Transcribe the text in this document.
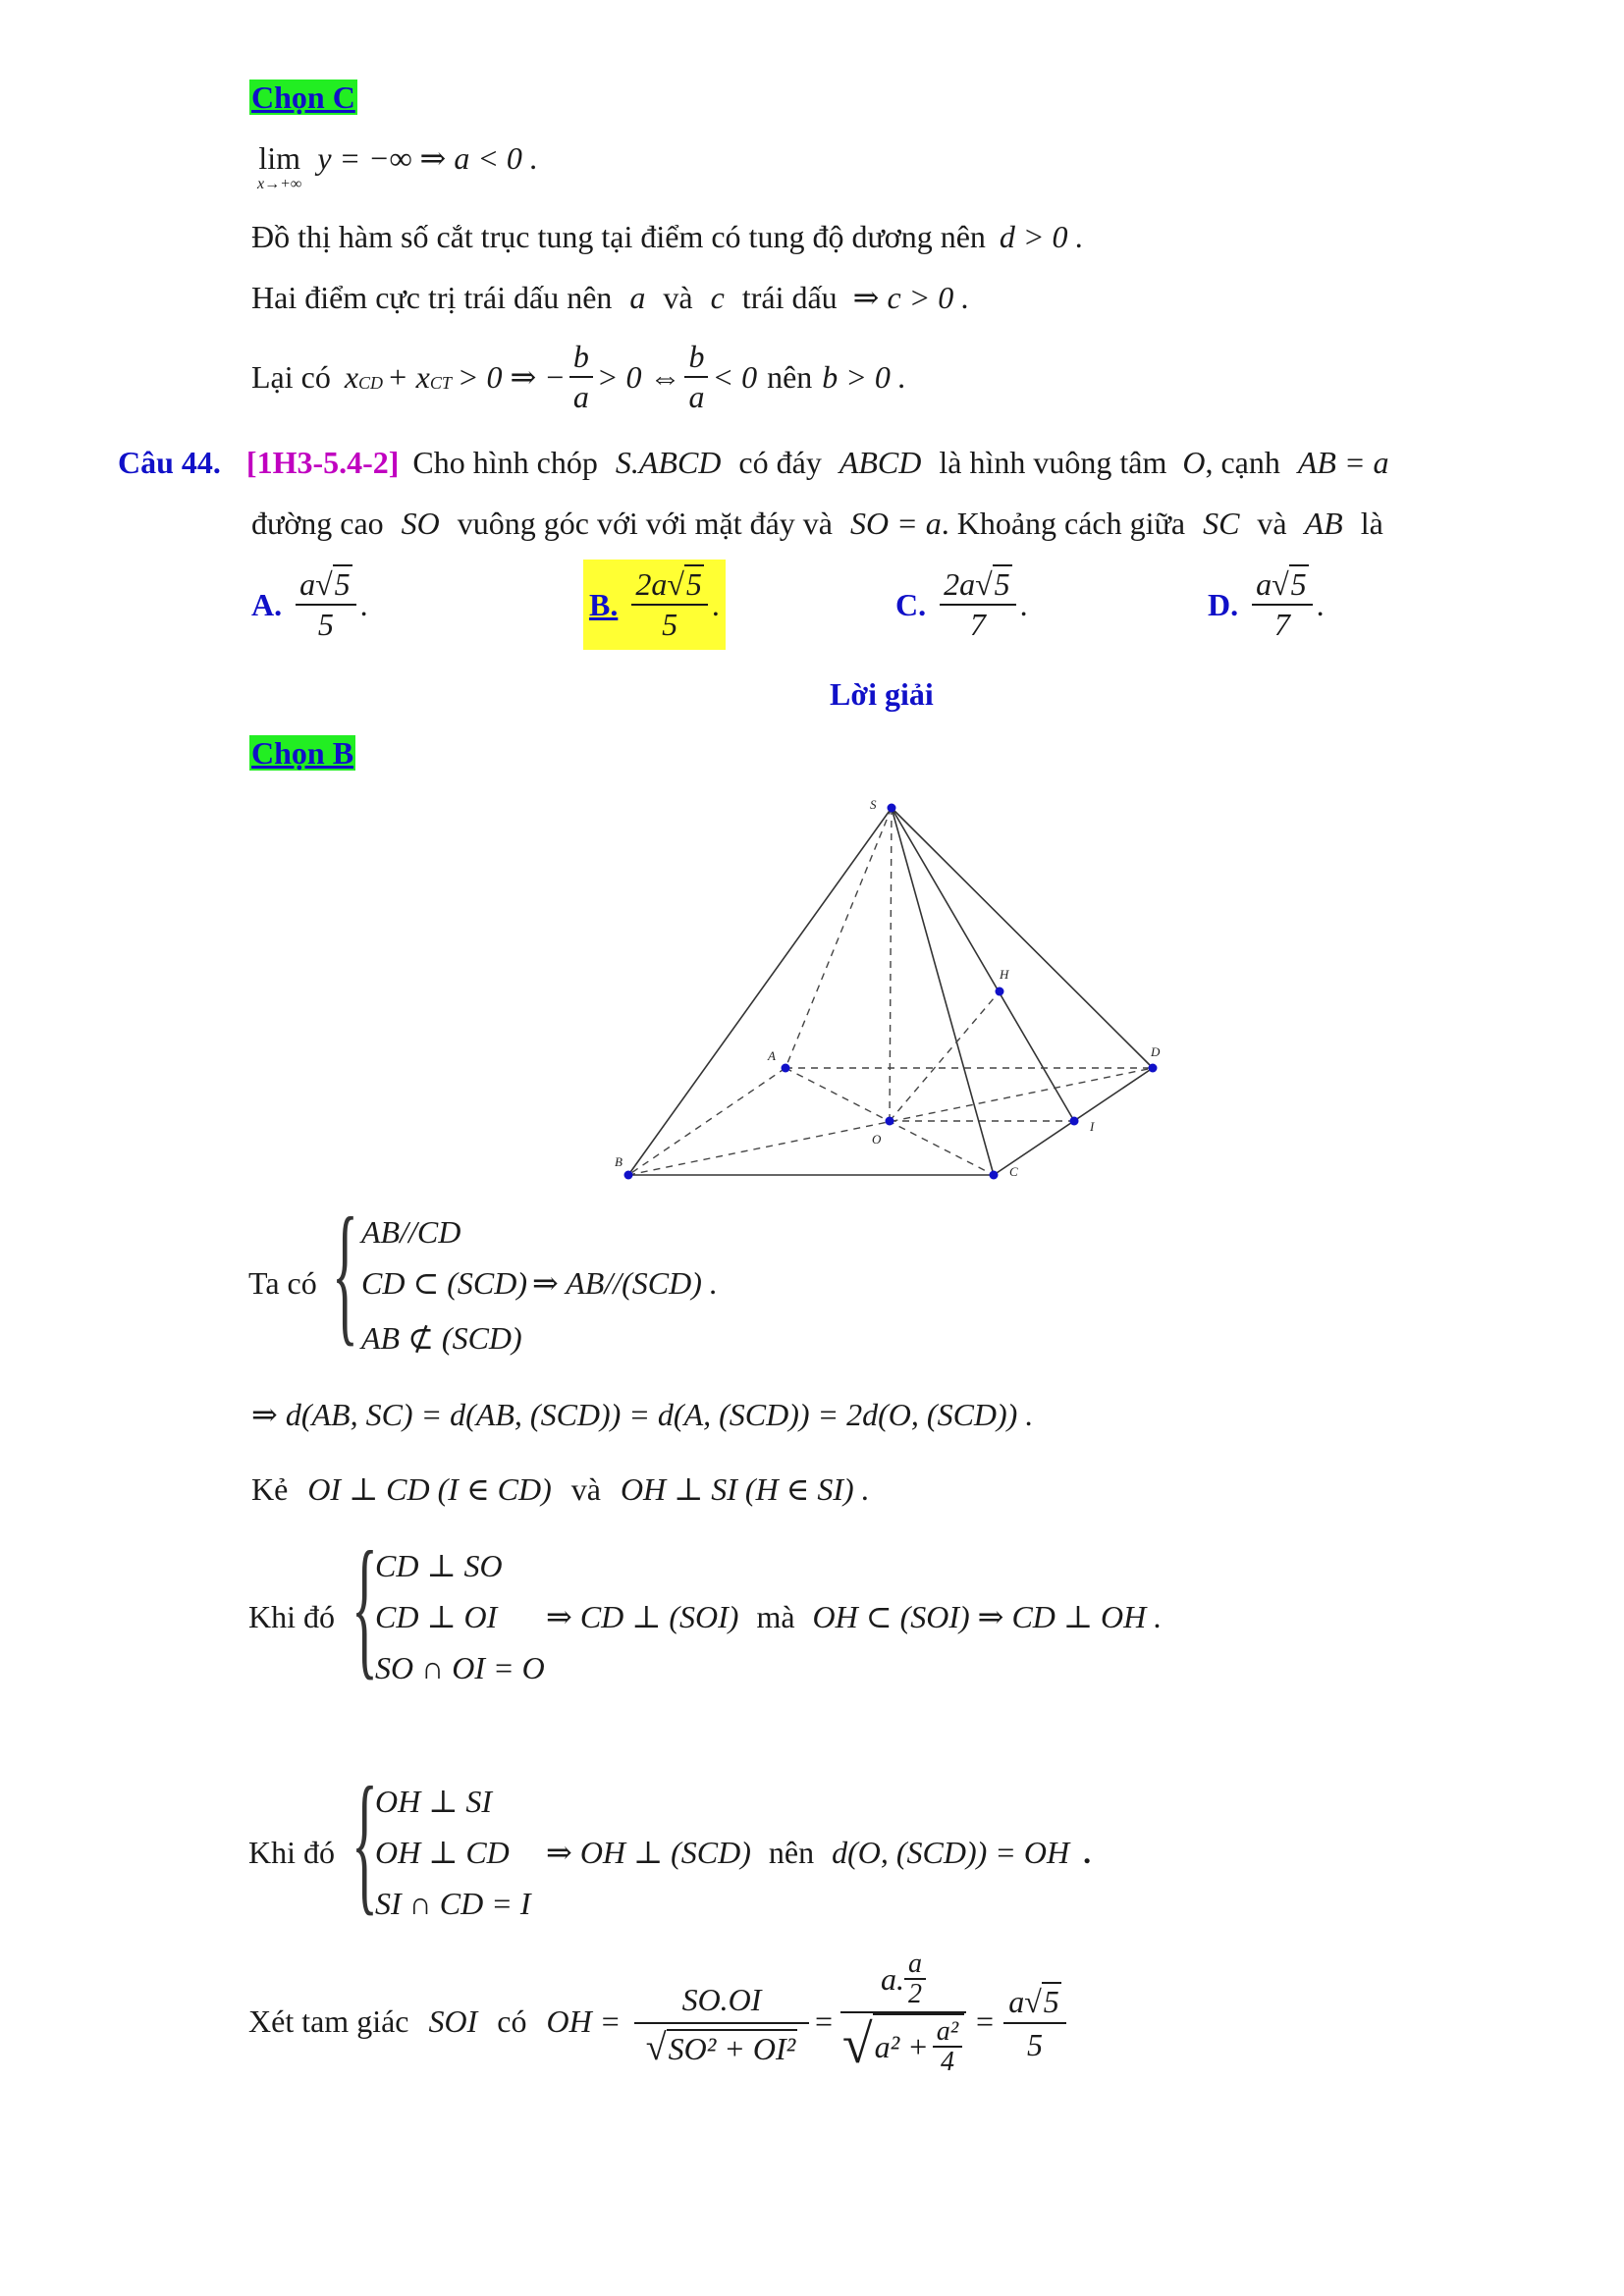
Chọn C
lim
x→+∞
y = −∞ ⇒ a < 0 .
Đồ thị hàm số cắt trục tung tại điểm có tung độ dương nên d > 0 .
Hai điểm cực trị trái dấu nên a và c trái dấu ⇒ c > 0 .
Lại có $x_{CD} + x_{CT} > 0$ ⇒ − $\frac{b}{a} > 0$ ⇔ $\frac{b}{a} < 0$ nên b > 0 .
Câu 44. [1H3-5.4-2] Cho hình chóp S.ABCD có đáy ABCD là hình vuông tâm O, cạnh AB = a
đường cao SO vuông góc với với mặt đáy và SO = a. Khoảng cách giữa SC và AB là
A. $\frac{a√5}{5}$ .	B. $\frac{2a√5}{5}$ .	C. $\frac{2a√5}{7}$ .	D. $\frac{a√5}{7}$ .
Lời giải
Chọn B
S
A
B
C
D
O
H
I
Ta có { AB//CD
CD ⊂ (SCD)
AB ⊄ (SCD)
⇒ AB//(SCD) .
⇒ d(AB, SC) = d(AB, (SCD)) = d(A, (SCD)) = 2d(O, (SCD)) .
Kẻ OI ⊥ CD (I ∈ CD) và OH ⊥ SI (H ∈ SI) .
Khi đó {
CD ⊥ SO
CD ⊥ OI
SO ∩ OI = O
⇒ CD ⊥ (SOI) mà OH ⊂ (SOI) ⇒ CD ⊥ OH .
Khi đó {
OH ⊥ SI
OH ⊥ CD
SI ∩ CD = I
⇒ OH ⊥ (SCD) nên d(O, (SCD)) = OH .
Xét tam giác SOI có OH =
SO.OI
√SO² + OI²
=
a. a
2
√ $a^2 + \frac{\text{a²}}{4}$ =
a√5
5
